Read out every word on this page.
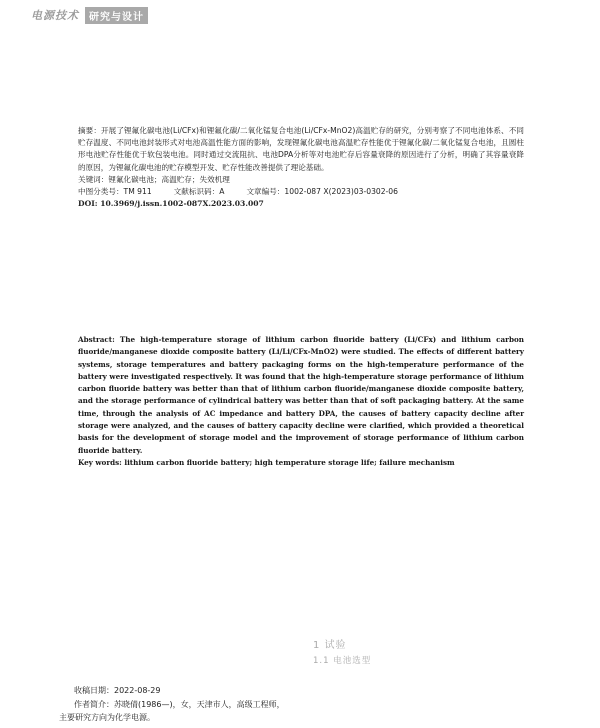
电源技术	研究与设计

摘要：开展了锂氟化碳电池(Li/CFx)和锂氟化碳/二氧化锰复合电池(Li/CFx-MnO2)高温贮存的研究，分别考察了不同电池体系、不同贮存温度、不同电池封装形式对电池高温性能方面的影响，发现锂氟化碳电池高温贮存性能优于锂氟化碳/二氧化锰复合电池，且圆柱形电池贮存性能优于软包装电池。同时通过交流阻抗、电池DPA分析等对电池贮存后容量衰降的原因进行了分析，明确了其容量衰降的原因，为锂氟化碳电池的贮存模型开发、贮存性能改善提供了理论基础。

关键词：锂氟化碳电池；高温贮存；失效机理

中图分类号：TM 911	文献标识码：A	文章编号：1002-087 X(2023)03-0302-06

DOI: 10.3969/j.issn.1002-087X.2023.03.007

Abstract: The high-temperature storage of lithium carbon fluoride battery (Li/CFx) and lithium carbon fluoride/manganese dioxide composite battery (Li/Li/CFx-MnO2) were studied. The effects of different battery systems, storage temperatures and battery packaging forms on the high-temperature performance of the battery were investigated respectively. It was found that the high-temperature storage performance of lithium carbon fluoride battery was better than that of lithium carbon fluoride/manganese dioxide composite battery, and the storage performance of cylindrical battery was better than that of soft packaging battery. At the same time, through the analysis of AC impedance and battery DPA, the causes of battery capacity decline after storage were analyzed, and the causes of battery capacity decline were clarified, which provided a theoretical basis for the development of storage model and the improvement of storage performance of lithium carbon fluoride battery.

Key words: lithium carbon fluoride battery; high temperature storage life; failure mechanism

1 试验
1.1 电池选型
收稿日期：2022-08-29
作者简介：苏晓倩(1986—)，女，天津市人，高级工程师，
主要研究方向为化学电源。
